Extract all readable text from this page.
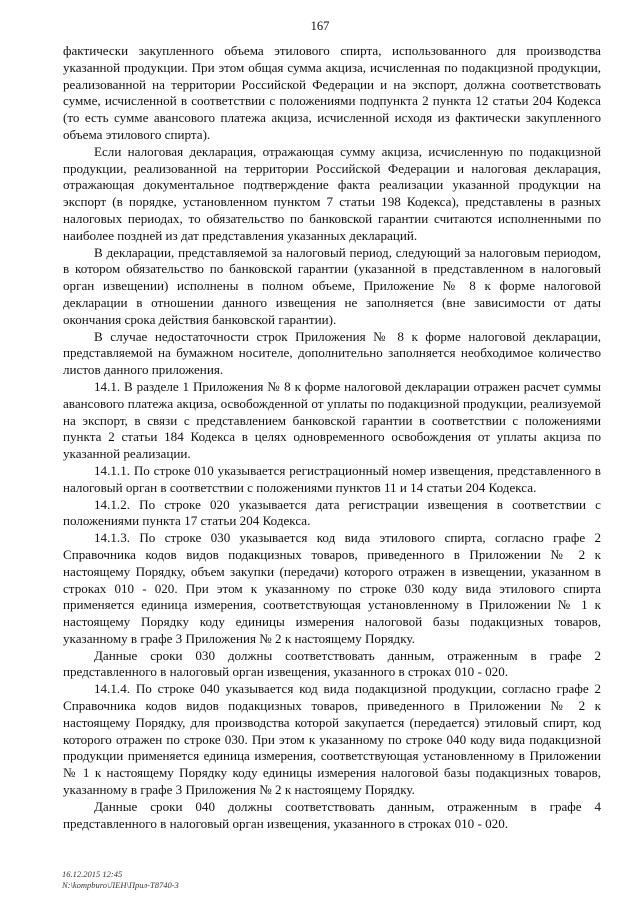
167

фактически закупленного объема этилового спирта, использованного для производства указанной продукции. При этом общая сумма акциза, исчисленная по подакцизной продукции, реализованной на территории Российской Федерации и на экспорт, должна соответствовать сумме, исчисленной в соответствии с положениями подпункта 2 пункта 12 статьи 204 Кодекса (то есть сумме авансового платежа акциза, исчисленной исходя из фактически закупленного объема этилового спирта).

Если налоговая декларация, отражающая сумму акциза, исчисленную по подакцизной продукции, реализованной на территории Российской Федерации и налоговая декларация, отражающая документальное подтверждение факта реализации указанной продукции на экспорт (в порядке, установленном пунктом 7 статьи 198 Кодекса), представлены в разных налоговых периодах, то обязательство по банковской гарантии считаются исполненными по наиболее поздней из дат представления указанных деклараций.

В декларации, представляемой за налоговый период, следующий за налоговым периодом, в котором обязательство по банковской гарантии (указанной в представленном в налоговый орган извещении) исполнены в полном объеме, Приложение № 8 к форме налоговой декларации в отношении данного извещения не заполняется (вне зависимости от даты окончания срока действия банковской гарантии).

В случае недостаточности строк Приложения № 8 к форме налоговой декларации, представляемой на бумажном носителе, дополнительно заполняется необходимое количество листов данного приложения.

14.1. В разделе 1 Приложения № 8 к форме налоговой декларации отражен расчет суммы авансового платежа акциза, освобожденной от уплаты по подакцизной продукции, реализуемой на экспорт, в связи с представлением банковской гарантии в соответствии с положениями пункта 2 статьи 184 Кодекса в целях одновременного освобождения от уплаты акциза по указанной реализации.

14.1.1. По строке 010 указывается регистрационный номер извещения, представленного в налоговый орган в соответствии с положениями пунктов 11 и 14 статьи 204 Кодекса.

14.1.2. По строке 020 указывается дата регистрации извещения в соответствии с положениями пункта 17 статьи 204 Кодекса.

14.1.3. По строке 030 указывается код вида этилового спирта, согласно графе 2 Справочника кодов видов подакцизных товаров, приведенного в Приложении № 2 к настоящему Порядку, объем закупки (передачи) которого отражен в извещении, указанном в строках 010 - 020. При этом к указанному по строке 030 коду вида этилового спирта применяется единица измерения, соответствующая установленному в Приложении № 1 к настоящему Порядку коду единицы измерения налоговой базы подакцизных товаров, указанному в графе 3 Приложения № 2 к настоящему Порядку.

Данные сроки 030 должны соответствовать данным, отраженным в графе 2 представленного в налоговый орган извещения, указанного в строках 010 - 020.

14.1.4. По строке 040 указывается код вида подакцизной продукции, согласно графе 2 Справочника кодов видов подакцизных товаров, приведенного в Приложении № 2 к настоящему Порядку, для производства которой закупается (передается) этиловый спирт, код которого отражен по строке 030. При этом к указанному по строке 040 коду вида подакцизной продукции применяется единица измерения, соответствующая установленному в Приложении № 1 к настоящему Порядку коду единицы измерения налоговой базы подакцизных товаров, указанному в графе 3 Приложения № 2 к настоящему Порядку.

Данные сроки 040 должны соответствовать данным, отраженным в графе 4 представленного в налоговый орган извещения, указанного в строках 010 - 020.

16.12.2015 12:45
N:\kompburo\ЛЕН\Прил-Т8740-3
